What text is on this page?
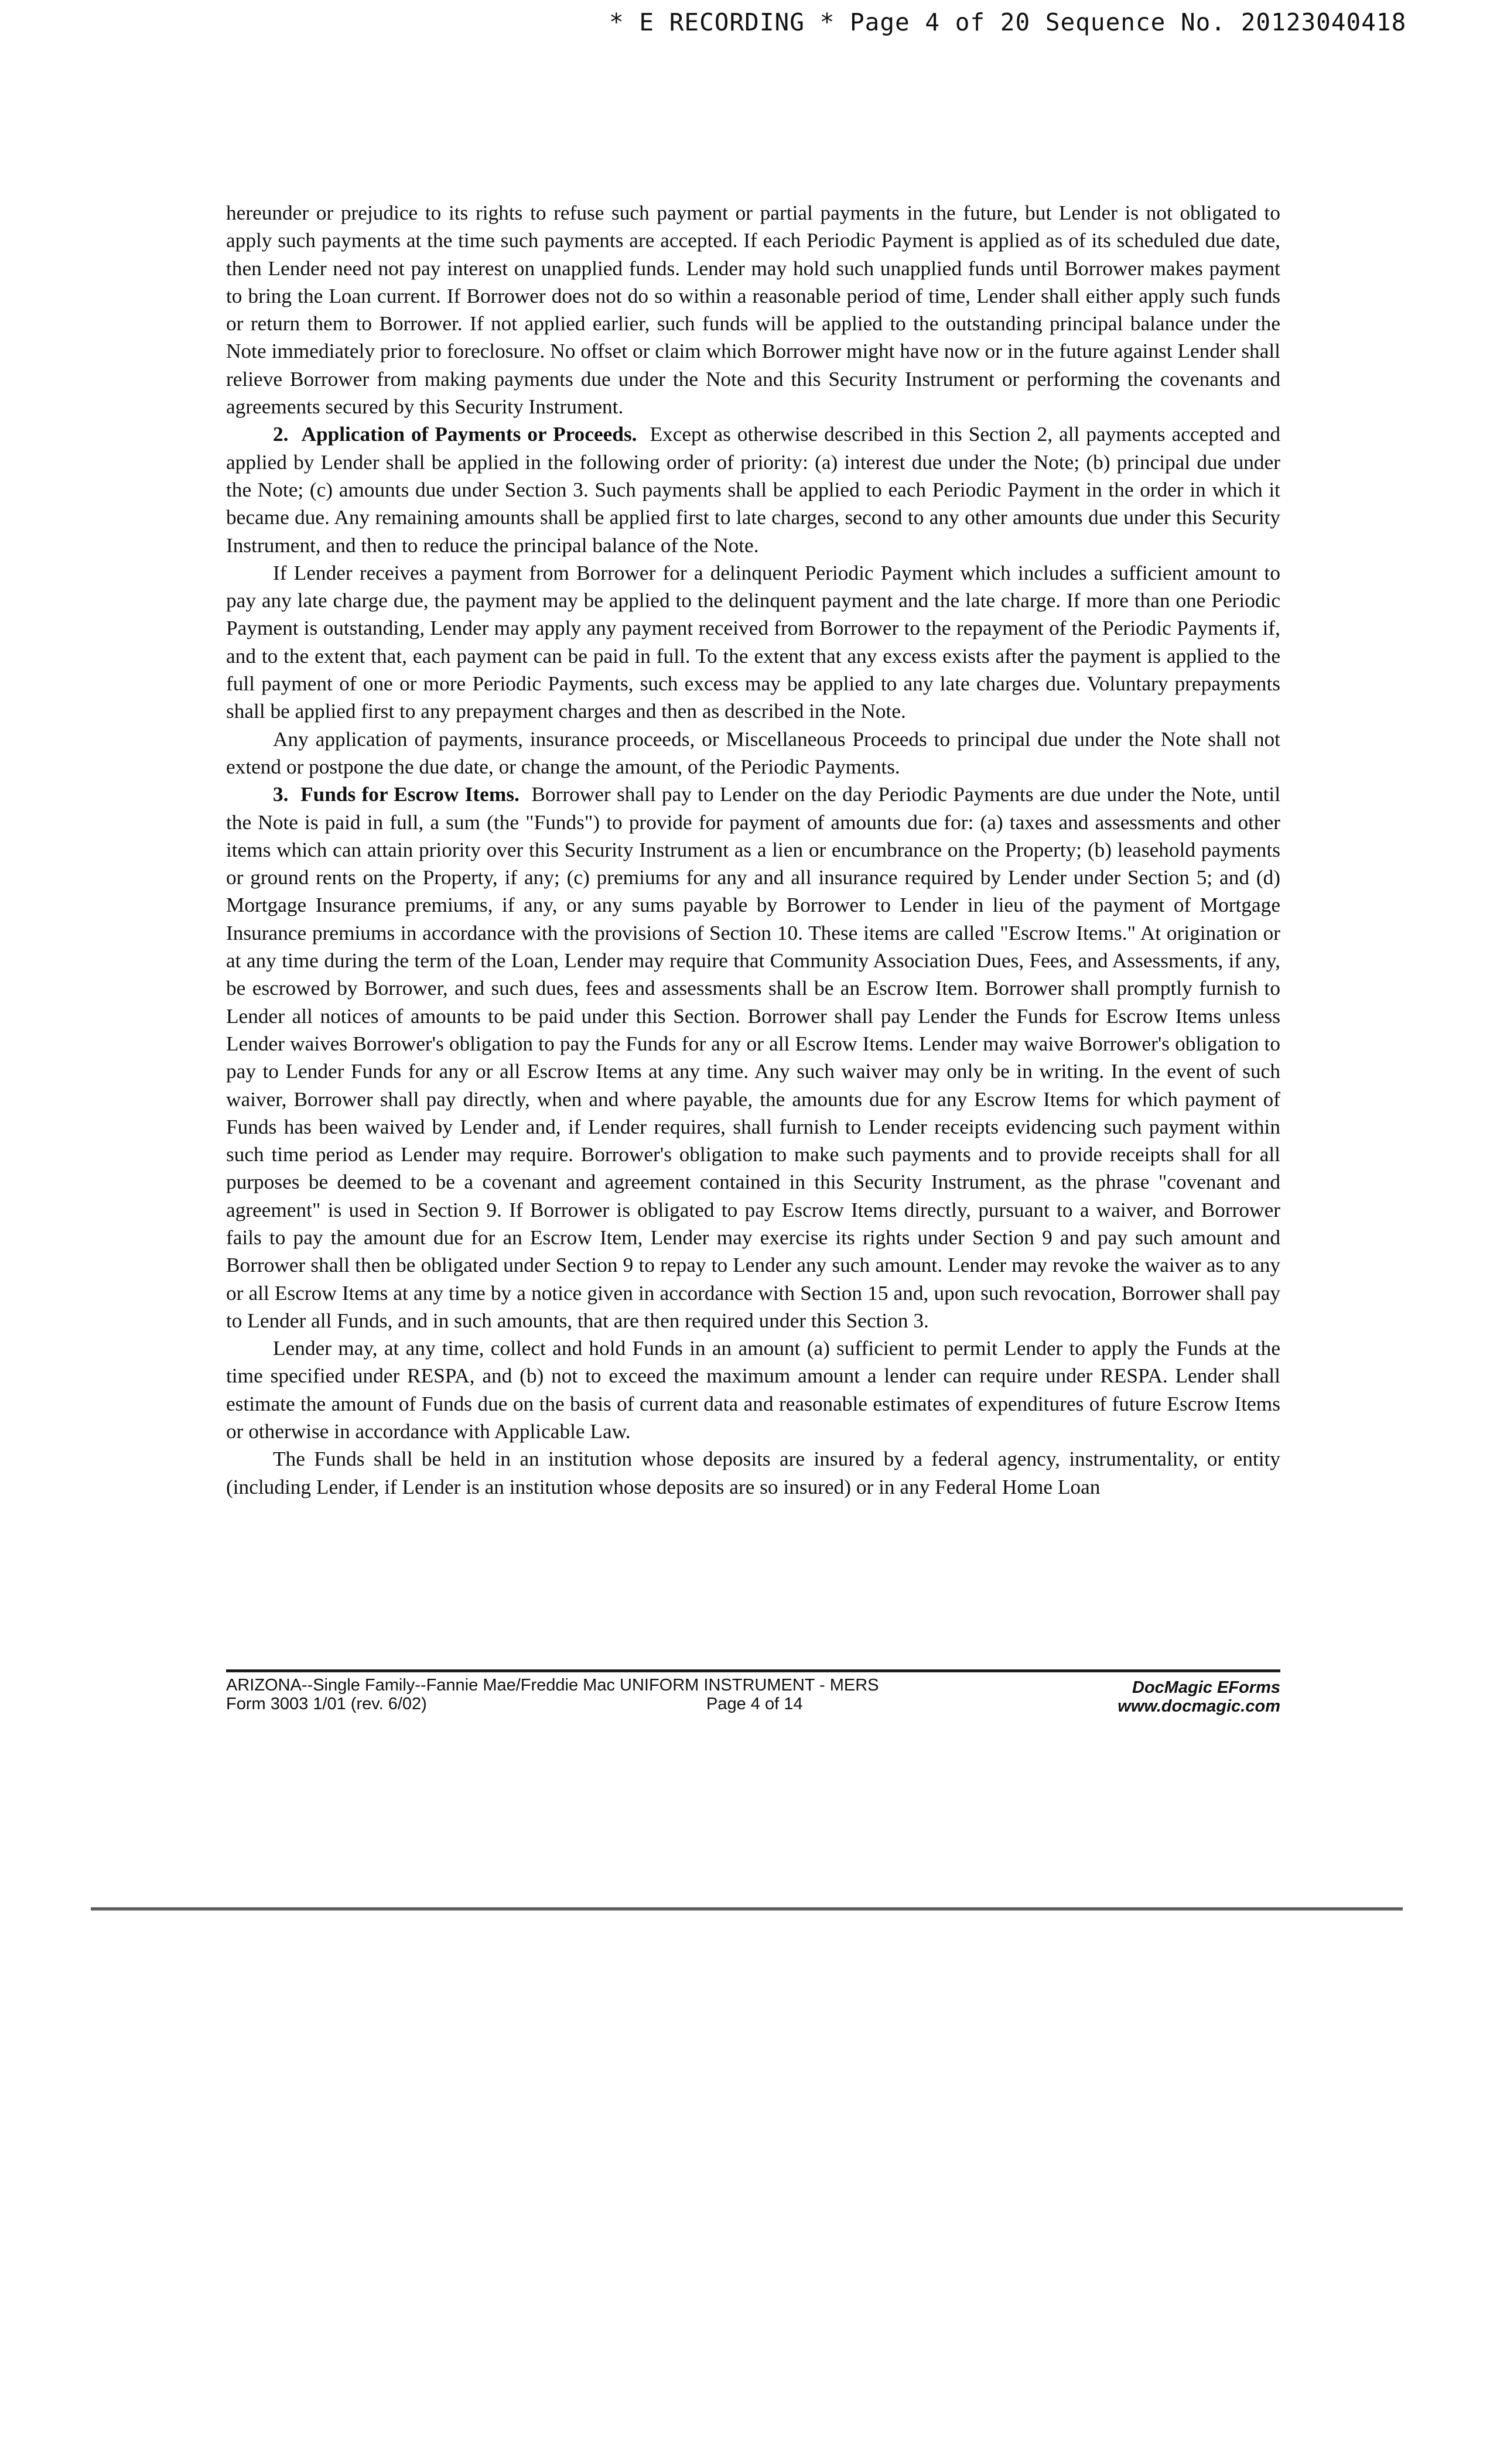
* E RECORDING * Page 4 of 20 Sequence No. 20123040418

hereunder or prejudice to its rights to refuse such payment or partial payments in the future, but Lender is not obligated to apply such payments at the time such payments are accepted. If each Periodic Payment is applied as of its scheduled due date, then Lender need not pay interest on unapplied funds. Lender may hold such unapplied funds until Borrower makes payment to bring the Loan current. If Borrower does not do so within a reasonable period of time, Lender shall either apply such funds or return them to Borrower. If not applied earlier, such funds will be applied to the outstanding principal balance under the Note immediately prior to foreclosure. No offset or claim which Borrower might have now or in the future against Lender shall relieve Borrower from making payments due under the Note and this Security Instrument or performing the covenants and agreements secured by this Security Instrument.

2. Application of Payments or Proceeds. Except as otherwise described in this Section 2, all payments accepted and applied by Lender shall be applied in the following order of priority: (a) interest due under the Note; (b) principal due under the Note; (c) amounts due under Section 3. Such payments shall be applied to each Periodic Payment in the order in which it became due. Any remaining amounts shall be applied first to late charges, second to any other amounts due under this Security Instrument, and then to reduce the principal balance of the Note.

If Lender receives a payment from Borrower for a delinquent Periodic Payment which includes a sufficient amount to pay any late charge due, the payment may be applied to the delinquent payment and the late charge. If more than one Periodic Payment is outstanding, Lender may apply any payment received from Borrower to the repayment of the Periodic Payments if, and to the extent that, each payment can be paid in full. To the extent that any excess exists after the payment is applied to the full payment of one or more Periodic Payments, such excess may be applied to any late charges due. Voluntary prepayments shall be applied first to any prepayment charges and then as described in the Note.

Any application of payments, insurance proceeds, or Miscellaneous Proceeds to principal due under the Note shall not extend or postpone the due date, or change the amount, of the Periodic Payments.

3. Funds for Escrow Items. Borrower shall pay to Lender on the day Periodic Payments are due under the Note, until the Note is paid in full, a sum (the "Funds") to provide for payment of amounts due for: (a) taxes and assessments and other items which can attain priority over this Security Instrument as a lien or encumbrance on the Property; (b) leasehold payments or ground rents on the Property, if any; (c) premiums for any and all insurance required by Lender under Section 5; and (d) Mortgage Insurance premiums, if any, or any sums payable by Borrower to Lender in lieu of the payment of Mortgage Insurance premiums in accordance with the provisions of Section 10. These items are called "Escrow Items." At origination or at any time during the term of the Loan, Lender may require that Community Association Dues, Fees, and Assessments, if any, be escrowed by Borrower, and such dues, fees and assessments shall be an Escrow Item. Borrower shall promptly furnish to Lender all notices of amounts to be paid under this Section. Borrower shall pay Lender the Funds for Escrow Items unless Lender waives Borrower's obligation to pay the Funds for any or all Escrow Items. Lender may waive Borrower's obligation to pay to Lender Funds for any or all Escrow Items at any time. Any such waiver may only be in writing. In the event of such waiver, Borrower shall pay directly, when and where payable, the amounts due for any Escrow Items for which payment of Funds has been waived by Lender and, if Lender requires, shall furnish to Lender receipts evidencing such payment within such time period as Lender may require. Borrower's obligation to make such payments and to provide receipts shall for all purposes be deemed to be a covenant and agreement contained in this Security Instrument, as the phrase "covenant and agreement" is used in Section 9. If Borrower is obligated to pay Escrow Items directly, pursuant to a waiver, and Borrower fails to pay the amount due for an Escrow Item, Lender may exercise its rights under Section 9 and pay such amount and Borrower shall then be obligated under Section 9 to repay to Lender any such amount. Lender may revoke the waiver as to any or all Escrow Items at any time by a notice given in accordance with Section 15 and, upon such revocation, Borrower shall pay to Lender all Funds, and in such amounts, that are then required under this Section 3.

Lender may, at any time, collect and hold Funds in an amount (a) sufficient to permit Lender to apply the Funds at the time specified under RESPA, and (b) not to exceed the maximum amount a lender can require under RESPA. Lender shall estimate the amount of Funds due on the basis of current data and reasonable estimates of expenditures of future Escrow Items or otherwise in accordance with Applicable Law.

The Funds shall be held in an institution whose deposits are insured by a federal agency, instrumentality, or entity (including Lender, if Lender is an institution whose deposits are so insured) or in any Federal Home Loan

ARIZONA--Single Family--Fannie Mae/Freddie Mac UNIFORM INSTRUMENT - MERS
Form 3003 1/01 (rev. 6/02)	Page 4 of 14
DocMagic EForms
www.docmagic.com
